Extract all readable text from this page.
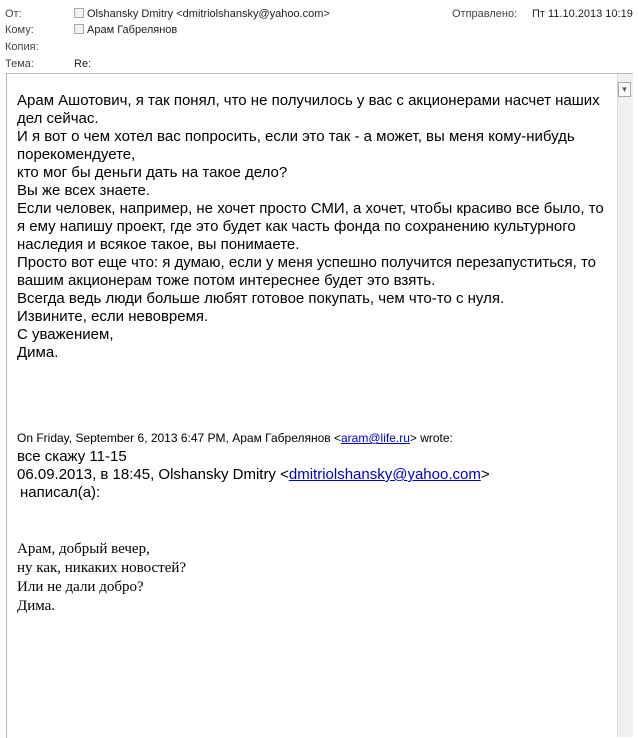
От:	Olshansky Dmitry <dmitriolshansky@yahoo.com>	Отправлено: Пт 11.10.2013 10:19
Кому:	Арам Габрелянов
Копия:
Тема:	Re:
▾

Арам Ашотович, я так понял, что не получилось у вас с акционерами насчет наших дел сейчас.
И я вот о чем хотел вас попросить, если это так - а может, вы меня кому-нибудь порекомендуете,
кто мог бы деньги дать на такое дело?
Вы же всех знаете.
Если человек, например, не хочет просто СМИ, а хочет, чтобы красиво все было, то я ему напишу проект, где это будет как часть фонда по сохранению культурного наследия и всякое такое, вы понимаете.
Просто вот еще что: я думаю, если у меня успешно получится перезапуститься, то вашим акционерам тоже потом интереснее будет это взять.
Всегда ведь люди больше любят готовое покупать, чем что-то с нуля.
Извините, если невовремя.
С уважением,
Дима.

On Friday, September 6, 2013 6:47 PM, Арам Габрелянов <aram@life.ru> wrote:
все скажу 11-15
06.09.2013, в 18:45, Olshansky Dmitry <dmitriolshansky@yahoo.com>
написал(а):
Арам, добрый вечер,
ну как, никаких новостей?
Или не дали добро?
Дима.
